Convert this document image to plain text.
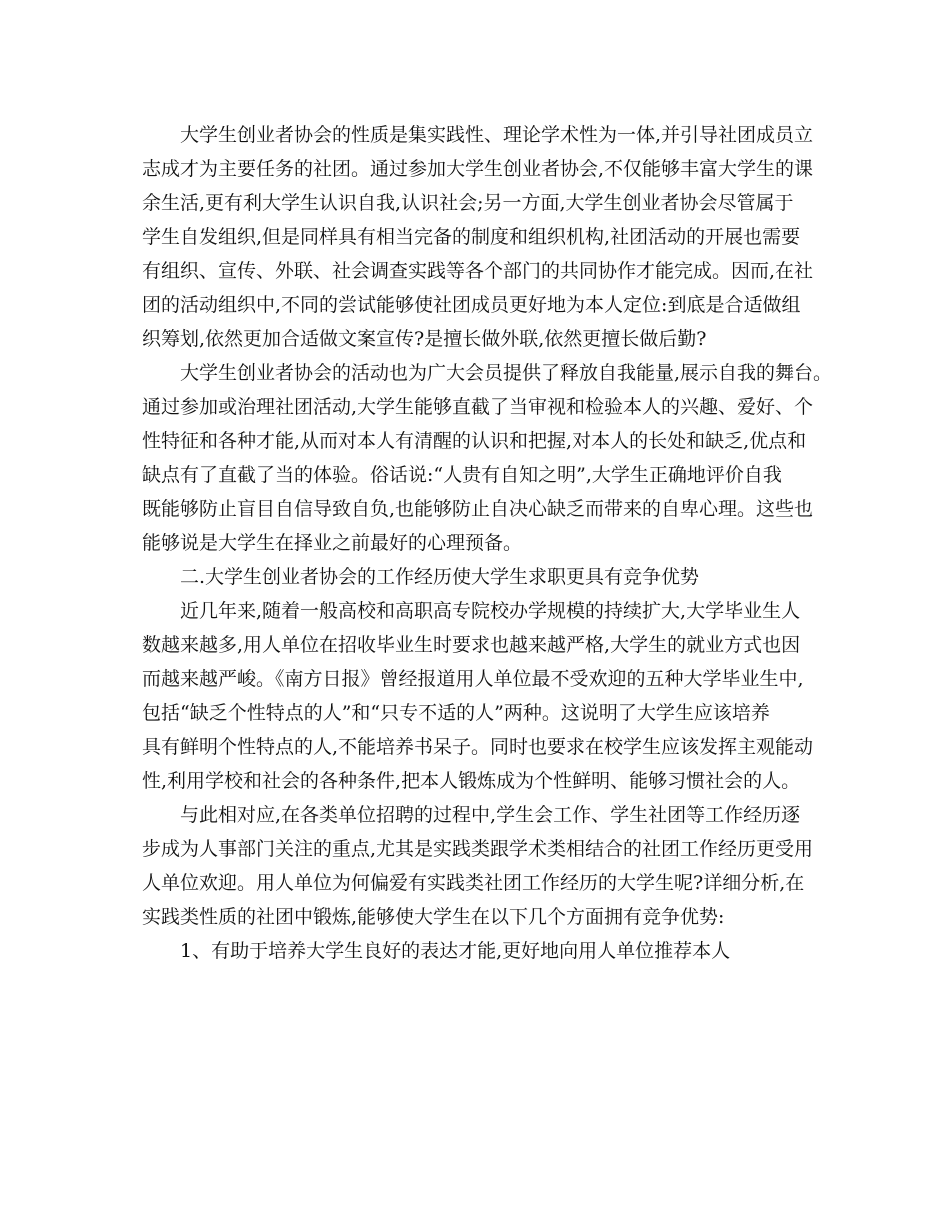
大学生创业者协会的性质是集实践性、理论学术性为一体,并引导社团成员立
志成才为主要任务的社团。通过参加大学生创业者协会,不仅能够丰富大学生的课
余生活,更有利大学生认识自我,认识社会;另一方面,大学生创业者协会尽管属于
学生自发组织,但是同样具有相当完备的制度和组织机构,社团活动的开展也需要
有组织、宣传、外联、社会调查实践等各个部门的共同协作才能完成。因而,在社
团的活动组织中,不同的尝试能够使社团成员更好地为本人定位:到底是合适做组
织筹划,依然更加合适做文案宣传?是擅长做外联,依然更擅长做后勤?
大学生创业者协会的活动也为广大会员提供了释放自我能量,展示自我的舞台。
通过参加或治理社团活动,大学生能够直截了当审视和检验本人的兴趣、爱好、个
性特征和各种才能,从而对本人有清醒的认识和把握,对本人的长处和缺乏,优点和
缺点有了直截了当的体验。俗话说:“人贵有自知之明”,大学生正确地评价自我
既能够防止盲目自信导致自负,也能够防止自决心缺乏而带来的自卑心理。这些也
能够说是大学生在择业之前最好的心理预备。
二.大学生创业者协会的工作经历使大学生求职更具有竞争优势
近几年来,随着一般高校和高职高专院校办学规模的持续扩大,大学毕业生人
数越来越多,用人单位在招收毕业生时要求也越来越严格,大学生的就业方式也因
而越来越严峻。《南方日报》曾经报道用人单位最不受欢迎的五种大学毕业生中,
包括“缺乏个性特点的人”和“只专不适的人”两种。这说明了大学生应该培养
具有鲜明个性特点的人,不能培养书呆子。同时也要求在校学生应该发挥主观能动
性,利用学校和社会的各种条件,把本人锻炼成为个性鲜明、能够习惯社会的人。
与此相对应,在各类单位招聘的过程中,学生会工作、学生社团等工作经历逐
步成为人事部门关注的重点,尤其是实践类跟学术类相结合的社团工作经历更受用
人单位欢迎。用人单位为何偏爱有实践类社团工作经历的大学生呢?详细分析,在
实践类性质的社团中锻炼,能够使大学生在以下几个方面拥有竞争优势:
1、有助于培养大学生良好的表达才能,更好地向用人单位推荐本人
